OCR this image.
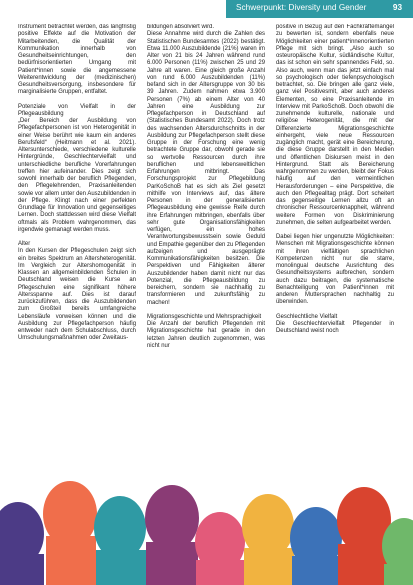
Schwerpunkt: Diversity und Gender	93

Instrument betrachtet werden, das langfristig positive Effekte auf die Motivation der Mitarbeitenden, die Qualität der Kommunikation innerhalb von Gesundheitseinrichtungen, den bedürfnisorientierten Umgang mit Patient*innen sowie die angemessene Weiterentwicklung der (medizinischen) Gesundheitsversorgung, insbesondere für marginalisierte Gruppen, entfaltet.

Potenziale von Vielfalt in der Pflegeausbildung

„Der Bereich der Ausbildung von Pflegefachpersonen ist von Heterogenität in einer Weise berührt wie kaum ein anderes Berufsfeld“ (Heitmann et al. 2021). Altersunterschiede, verschiedene kulturelle Hintergründe, Geschlechtervielfalt und unterschiedliche berufliche Vorerfahrungen treffen hier aufeinander. Dies zeigt sich sowohl innerhalb der beruflich Pflegenden, den Pflegelehrenden, Praxisanleitenden sowie vor allem unter den Auszubildenden in der Pflege. Klingt nach einer perfekten Grundlage für Innovation und gegenseitiges Lernen. Doch stattdessen wird diese Vielfalt oftmals als Problem wahrgenommen, das irgendwie gemanagt werden muss.

Alter

In den Kursen der Pflegeschulen zeigt sich ein breites Spektrum an Altersheterogenität. Im Vergleich zur Altershomogenität in Klassen an allgemeinbildenden Schulen in Deutschland weisen die Kurse an Pflegeschulen eine signifikant höhere Altersspanne auf. Dies ist darauf zurückzuführen, dass die Auszubildenden zum Großteil bereits umfangreiche Lebensläufe vorweisen können und die Ausbildung zur Pflegefachperson häufig entweder nach dem Schulabschluss, durch Umschulungsmaßnahmen oder Zweitaus-

bildungen absolviert wird.

Diese Annahme wird durch die Zahlen des Statistischen Bundesamtes (2022) bestätigt. Etwa 11.000 Auszubildende (21%) waren im Alter von 21 bis 24 Jahren während rund 6.000 Personen (11%) zwischen 25 und 29 Jahre alt waren. Eine gleich große Anzahl von rund 6.000 Auszubildenden (11%) befand sich in der Altersgruppe von 30 bis 39 Jahren. Zudem nahmen etwa 3.900 Personen (7%) ab einem Alter von 40 Jahren eine Ausbildung zur Pflegefachperson in Deutschland auf (Statistisches Bundesamt 2022). Doch trotz des wachsenden Altersdurchschnitts in der Ausbildung zur Pflegefachperson stellt diese Gruppe in der Forschung eine wenig betrachtete Gruppe dar, obwohl gerade sie so wertvolle Ressourcen durch ihre beruflichen und lebensweltlichen Erfahrungen mitbringt. Das Forschungsprojekt zur Pflegebildung ParKoSchoB hat es sich als Ziel gesetzt mithilfe von Interviews auf, das ältere Personen in der generalisierten Pflegeausbildung eine gewisse Reife durch ihre Erfahrungen mitbringen, ebenfalls über sehr gute Organisationsfähigkeiten verfügen, ein hohes Verantwortungsbewusstsein sowie Geduld und Empathie gegenüber den zu Pflegenden aufzeigen und ausgeprägte Kommunikationsfähigkeiten besitzen. Die Perspektiven und Fähigkeiten älterer Auszubildender haben damit nicht nur das Potenzial, die Pflegeausbildung zu bereichern, sondern sie nachhaltig zu transformieren und zukunftsfähig zu machen!

Migrationsgeschichte und Mehrsprachigkeit

Die Anzahl der beruflich Pflegenden mit Migrationsgeschichte hat gerade in den letzten Jahren deutlich zugenommen, was nicht nur

positive in Bezug auf den Fachkräftemangel zu bewerten ist, sondern ebenfalls neue Möglichkeiten einer patient*innenorientierten Pflege mit sich bringt. „Also auch so osteuropäische Kultur, südländische Kultur, das ist schon ein sehr spannendes Feld, so. Also auch, wenn man das jetzt einfach mal so psychologisch oder tiefenpsychologisch betrachtet, so. Die bringen alle ganz viele, ganz viel Positivesmit, aber auch anderes Elementen, so eine Praxisanleitende im Interview mit ParkoSchoB. Doch obwohl die zunehmende kulturelle, nationale und religiöse Heterogenität, die mit der Differenzierte Migrationsgeschichte einhergeht, viele neue Ressourcen zugänglich macht, gerät eine Bereicherung, die diese Gruppe darstellt in den Medien und öffentlichen Diskursen meist in den Hintergrund. Statt als Bereicherung wahrgenommen zu werden, bleibt der Fokus häufig auf den vermeintlichen Herausforderungen – eine Perspektive, die auch den Pflegealltag prägt. Dort scheitert das gegenseitige Lernen allzu oft an chronischer Ressourcenknappheit, während weitere Formen von Diskriminierung zunehmen, die selten aufgearbeitet werden.

Dabei liegen hier ungenutzte Möglichkeiten: Menschen mit Migrationsgeschichte können mit ihren vielfältigen sprachlichen Kompetenzen nicht nur die starre, monolingual deutsche Ausrichtung des Gesundheitssystems aufbrechen, sondern auch dazu beitragen, die systematische Benachteiligung von Patient*innen mit anderen Muttersprachen nachhaltig zu überwinden.

Geschlechtliche Vielfalt

Die Geschlechtervielfalt Pflegender in Deutschland weist noch
